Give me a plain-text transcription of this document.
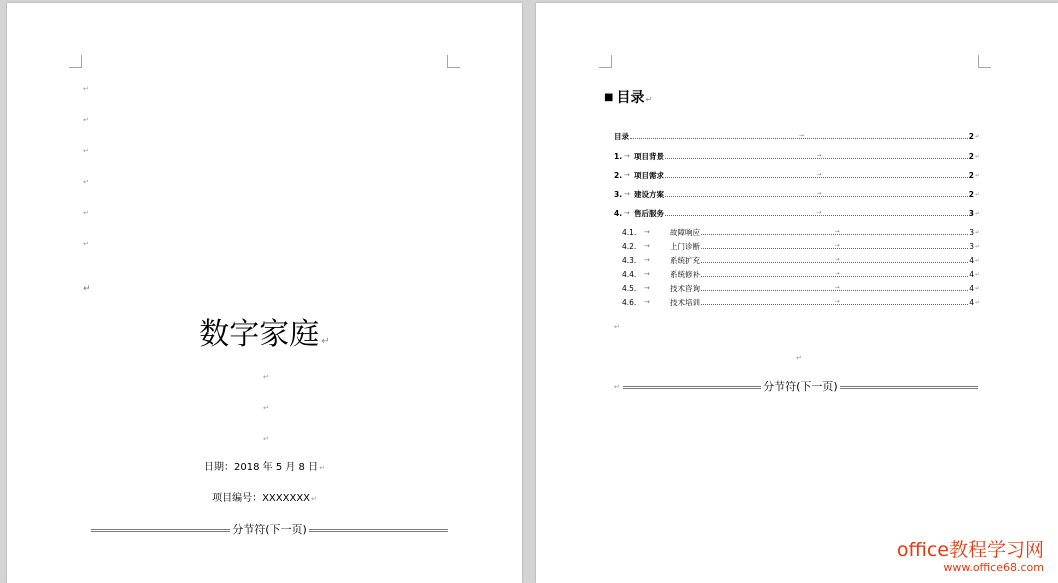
↵
↵
↵
↵
↵
↵
↵
数字家庭 ↵
↵
↵
↵
日期：2018 年 5 月 8 日↵
项目编号：XXXXXXX↵
分节符(下一页)
■ 目录↵
目录	→	2 ↵
1. → 项目背景	→	2 ↵
2. → 项目需求	→	2 ↵
3. → 建设方案	→	2 ↵
4. → 售后服务	→	3 ↵
4.1.	→	故障响应	→	3 ↵
4.2.	→	上门诊断	→	3 ↵
4.3.	→	系统扩充	→	4 ↵
4.4.	→	系统修补	→	4 ↵
4.5.	→	技术咨询	→	4 ↵
4.6.	→	技术培训	→	4 ↵
↵
↵
↵	分节符(下一页)
office教程学习网
www.office68.com
